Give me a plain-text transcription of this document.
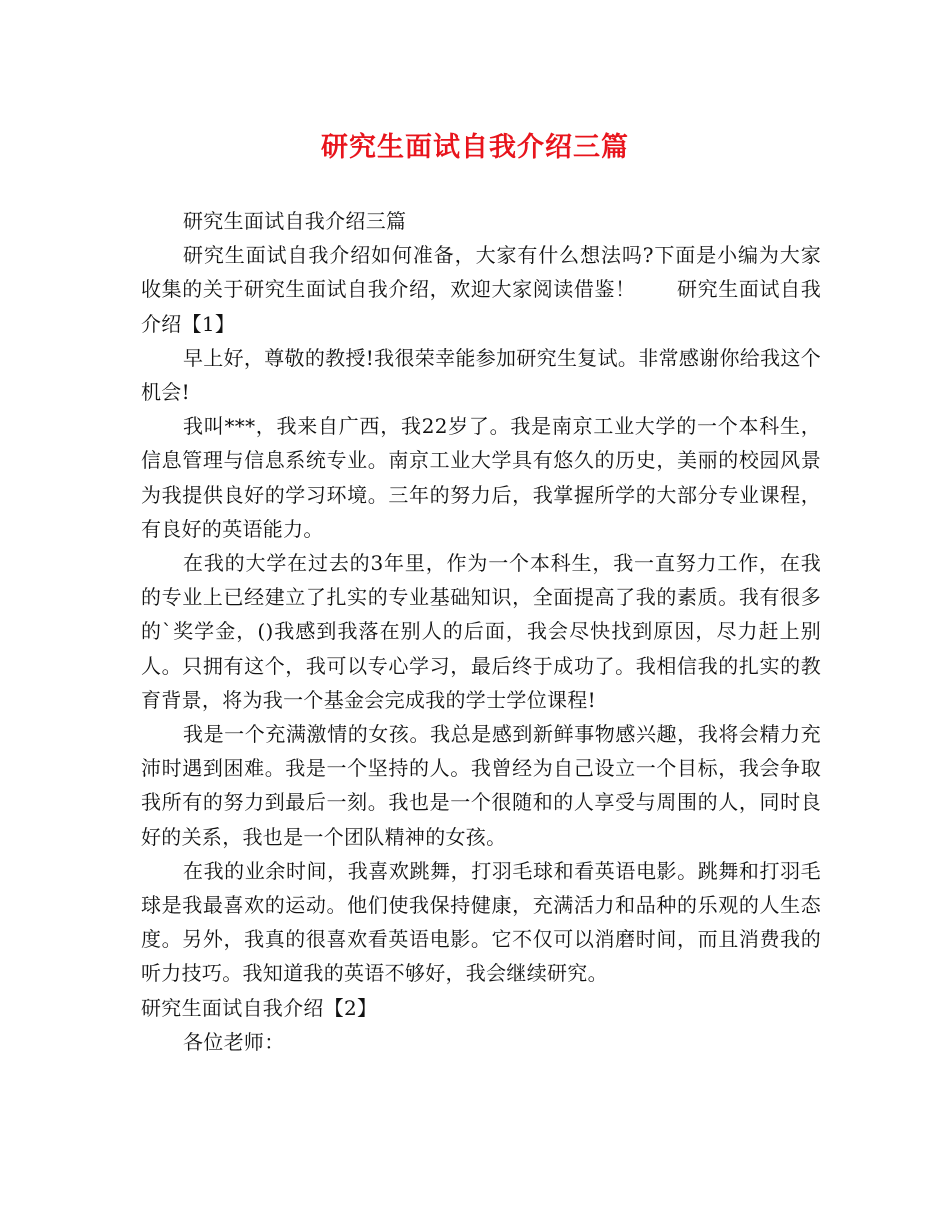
研究生面试自我介绍三篇

研究生面试自我介绍三篇

研究生面试自我介绍如何准备，大家有什么想法吗?下面是小编为大家收集的关于研究生面试自我介绍，欢迎大家阅读借鉴！　　研究生面试自我介绍【1】

早上好，尊敬的教授!我很荣幸能参加研究生复试。非常感谢你给我这个机会!

我叫***，我来自广西，我22岁了。我是南京工业大学的一个本科生，信息管理与信息系统专业。南京工业大学具有悠久的历史，美丽的校园风景为我提供良好的学习环境。三年的努力后，我掌握所学的大部分专业课程，有良好的英语能力。

在我的大学在过去的3年里，作为一个本科生，我一直努力工作，在我的专业上已经建立了扎实的专业基础知识，全面提高了我的素质。我有很多的`奖学金，()我感到我落在别人的后面，我会尽快找到原因，尽力赶上别人。只拥有这个，我可以专心学习，最后终于成功了。我相信我的扎实的教育背景，将为我一个基金会完成我的学士学位课程!

我是一个充满激情的女孩。我总是感到新鲜事物感兴趣，我将会精力充沛时遇到困难。我是一个坚持的人。我曾经为自己设立一个目标，我会争取我所有的努力到最后一刻。我也是一个很随和的人享受与周围的人，同时良好的关系，我也是一个团队精神的女孩。

在我的业余时间，我喜欢跳舞，打羽毛球和看英语电影。跳舞和打羽毛球是我最喜欢的运动。他们使我保持健康，充满活力和品种的乐观的人生态度。另外，我真的很喜欢看英语电影。它不仅可以消磨时间，而且消费我的听力技巧。我知道我的英语不够好，我会继续研究。

研究生面试自我介绍【2】

各位老师：
